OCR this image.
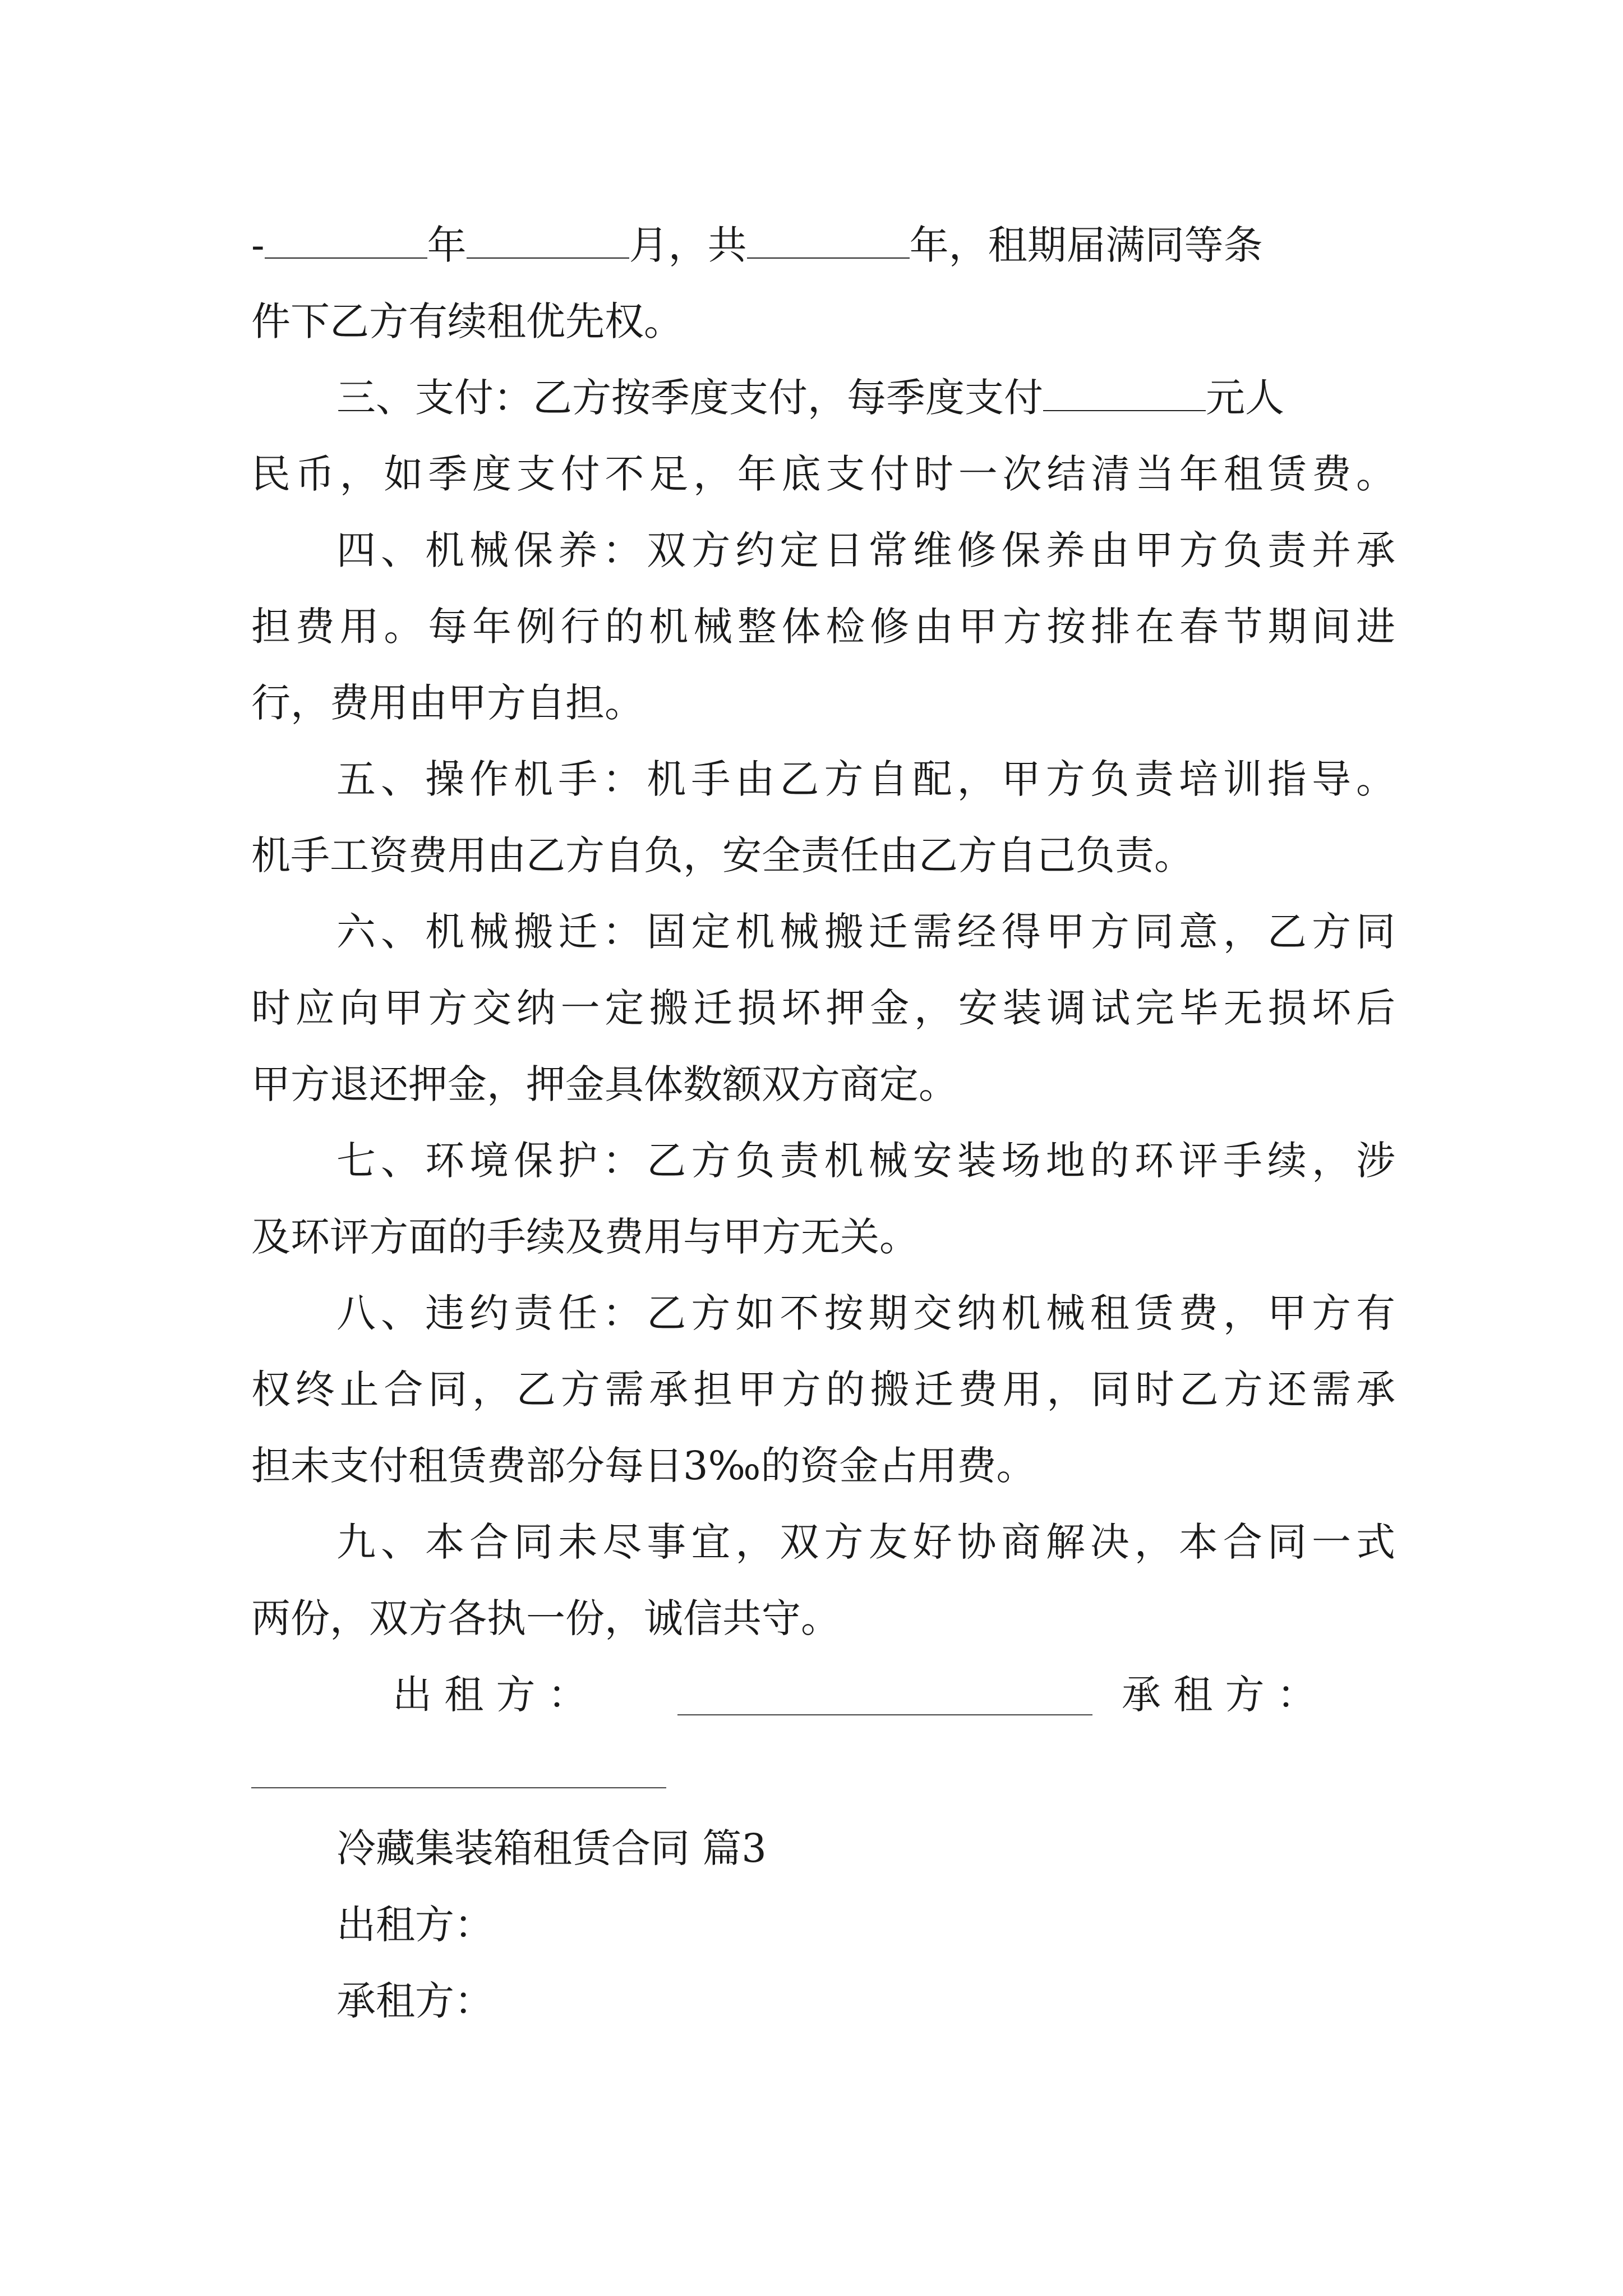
-	年	月，共	年，租期届满同等条
件下乙方有续租优先权。
三、支付：乙方按季度支付，每季度支付	元人
民币，如季度支付不足，年底支付时一次结清当年租赁费。
四、机械保养：双方约定日常维修保养由甲方负责并承
担费用。每年例行的机械整体检修由甲方按排在春节期间进
行，费用由甲方自担。
五、操作机手：机手由乙方自配，甲方负责培训指导。
机手工资费用由乙方自负，安全责任由乙方自己负责。
六、机械搬迁：固定机械搬迁需经得甲方同意，乙方同
时应向甲方交纳一定搬迁损坏押金，安装调试完毕无损坏后
甲方退还押金，押金具体数额双方商定。
七、环境保护：乙方负责机械安装场地的环评手续，涉
及环评方面的手续及费用与甲方无关。
八、违约责任：乙方如不按期交纳机械租赁费，甲方有
权终止合同，乙方需承担甲方的搬迁费用，同时乙方还需承
担未支付租赁费部分每日3‰的资金占用费。
九、本合同未尽事宜，双方友好协商解决，本合同一式
两份，双方各执一份，诚信共守。
出 租 方 ：	承 租 方 ：
冷藏集装箱租赁合同 篇3
出租方：
承租方：
